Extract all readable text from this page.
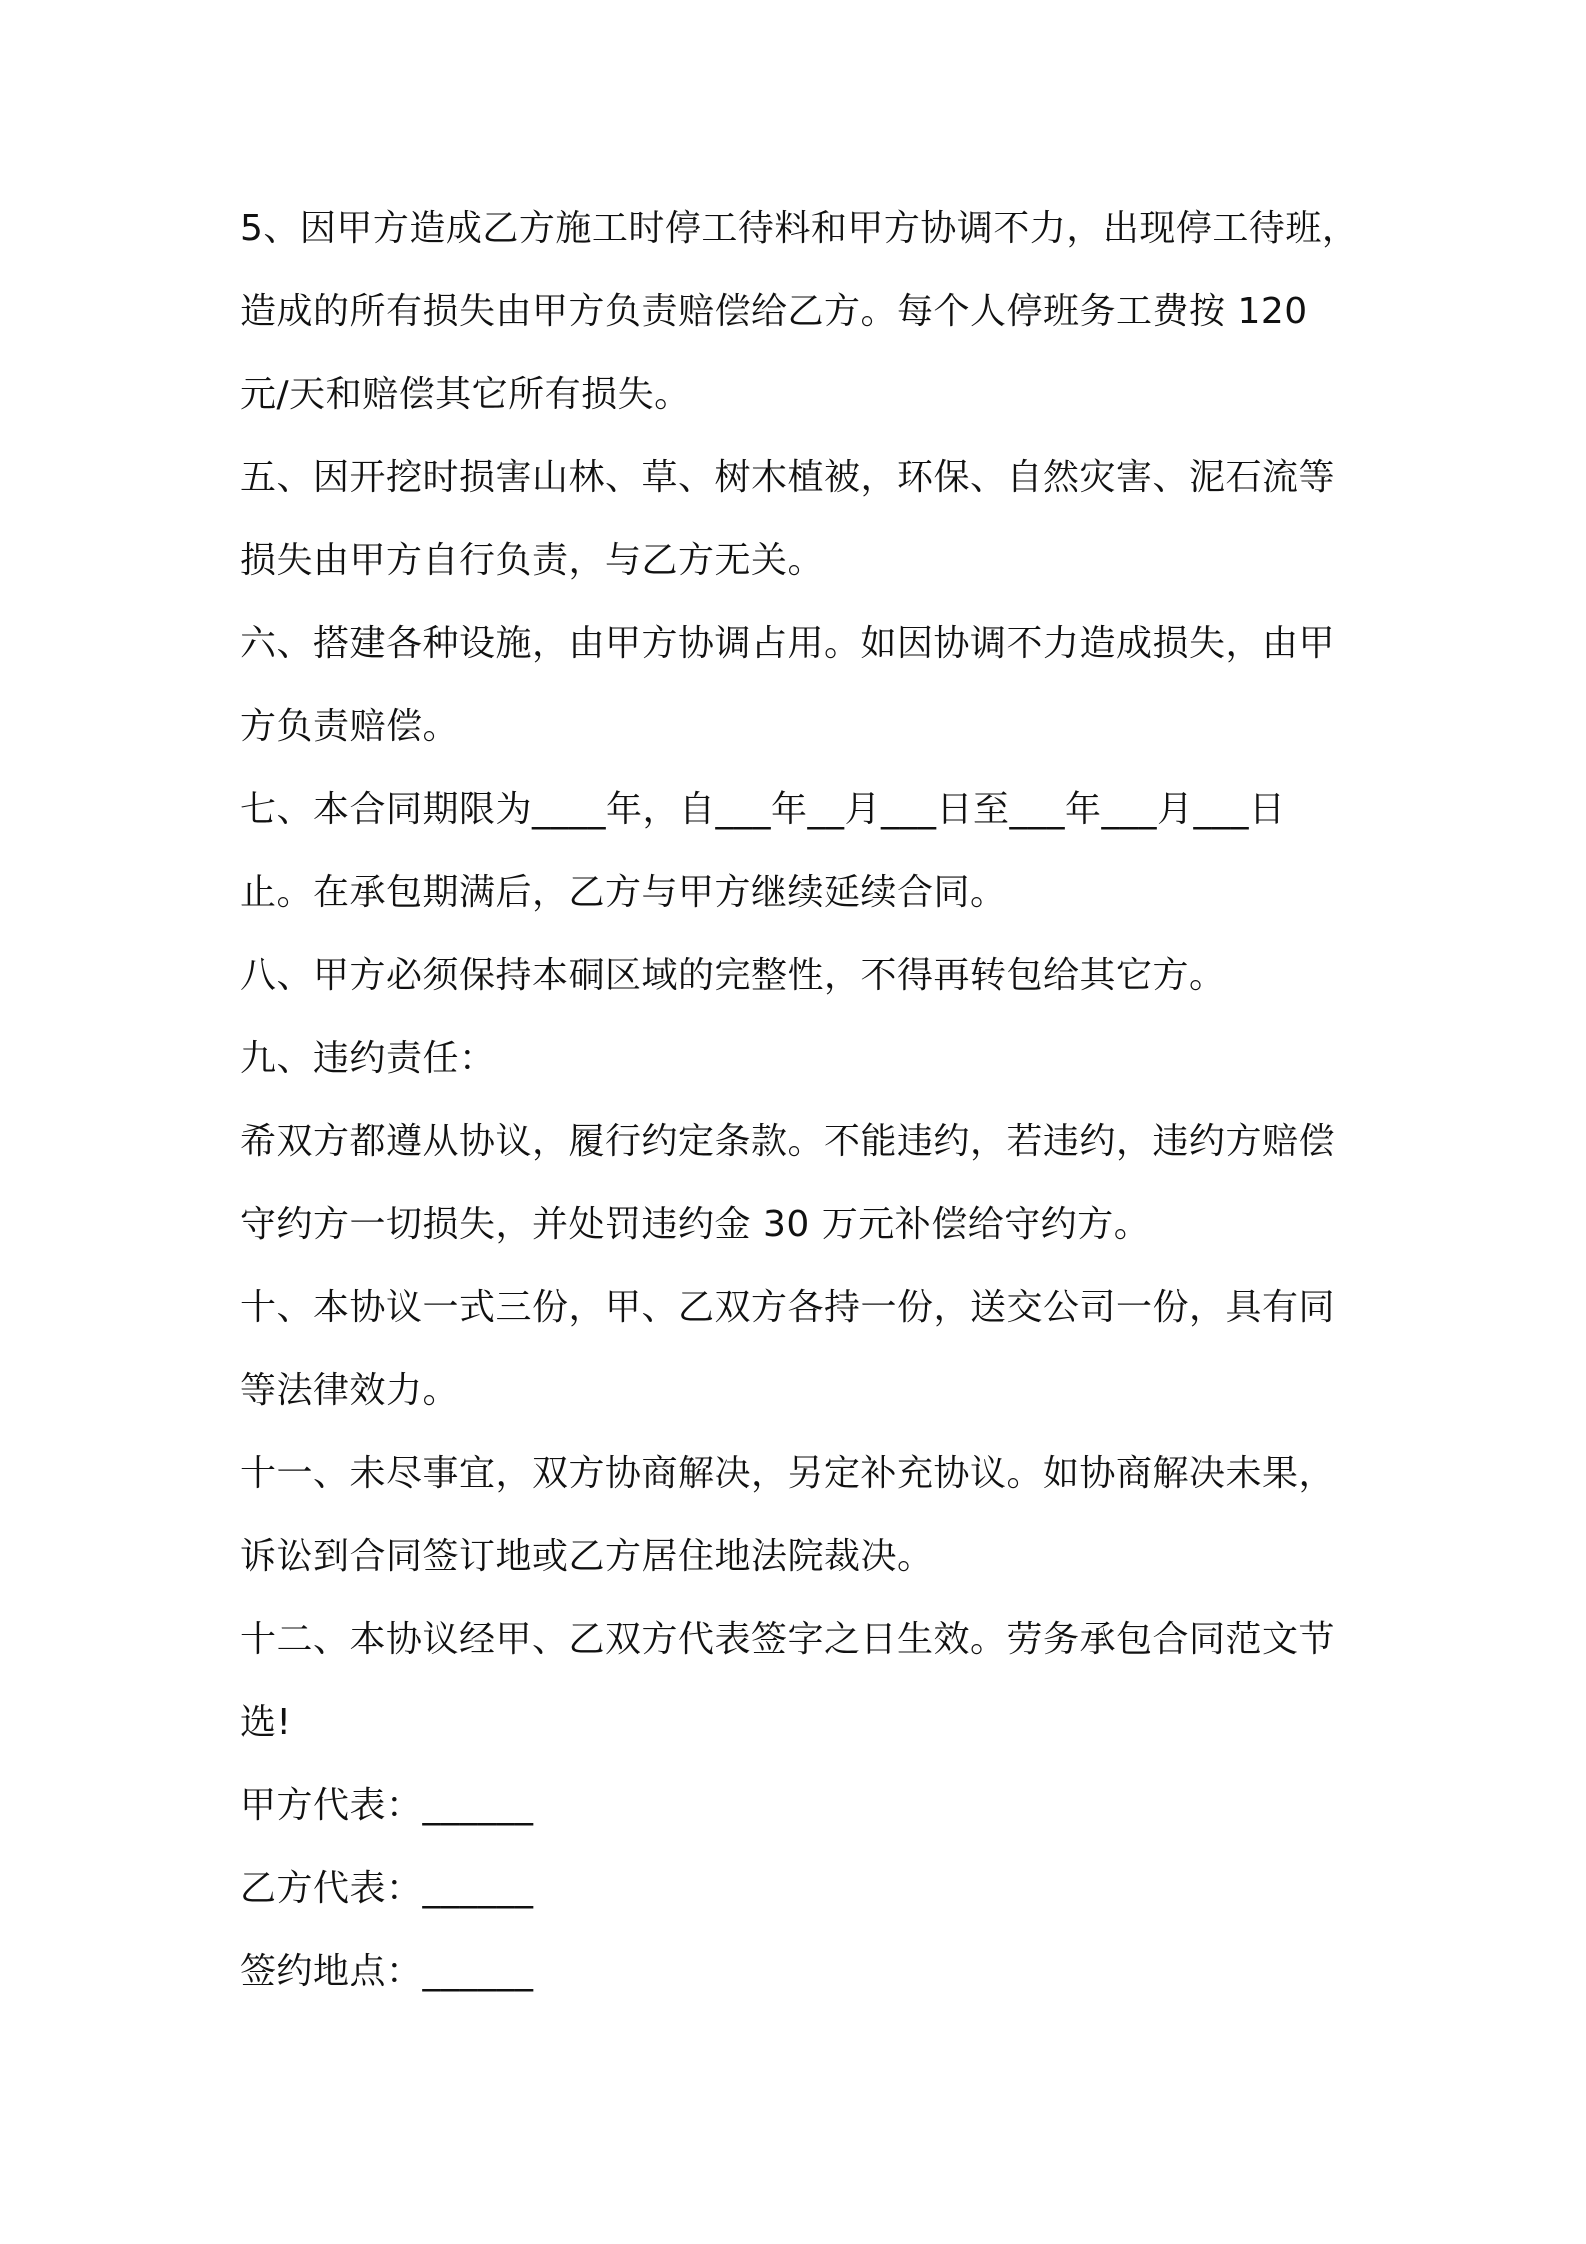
5、因甲方造成乙方施工时停工待料和甲方协调不力，出现停工待班，
造成的所有损失由甲方负责赔偿给乙方。每个人停班务工费按 120
元/天和赔偿其它所有损失。
五、因开挖时损害山林、草、树木植被，环保、自然灾害、泥石流等
损失由甲方自行负责，与乙方无关。
六、搭建各种设施，由甲方协调占用。如因协调不力造成损失，由甲
方负责赔偿。
七、本合同期限为____年，自___年__月___日至___年___月___日
止。在承包期满后，乙方与甲方继续延续合同。
八、甲方必须保持本硐区域的完整性，不得再转包给其它方。
九、违约责任：
希双方都遵从协议，履行约定条款。不能违约，若违约，违约方赔偿
守约方一切损失，并处罚违约金 30 万元补偿给守约方。
十、本协议一式三份，甲、乙双方各持一份，送交公司一份，具有同
等法律效力。
十一、未尽事宜，双方协商解决，另定补充协议。如协商解决未果，
诉讼到合同签订地或乙方居住地法院裁决。
十二、本协议经甲、乙双方代表签字之日生效。劳务承包合同范文节
选!
甲方代表：______
乙方代表：______
签约地点：______
